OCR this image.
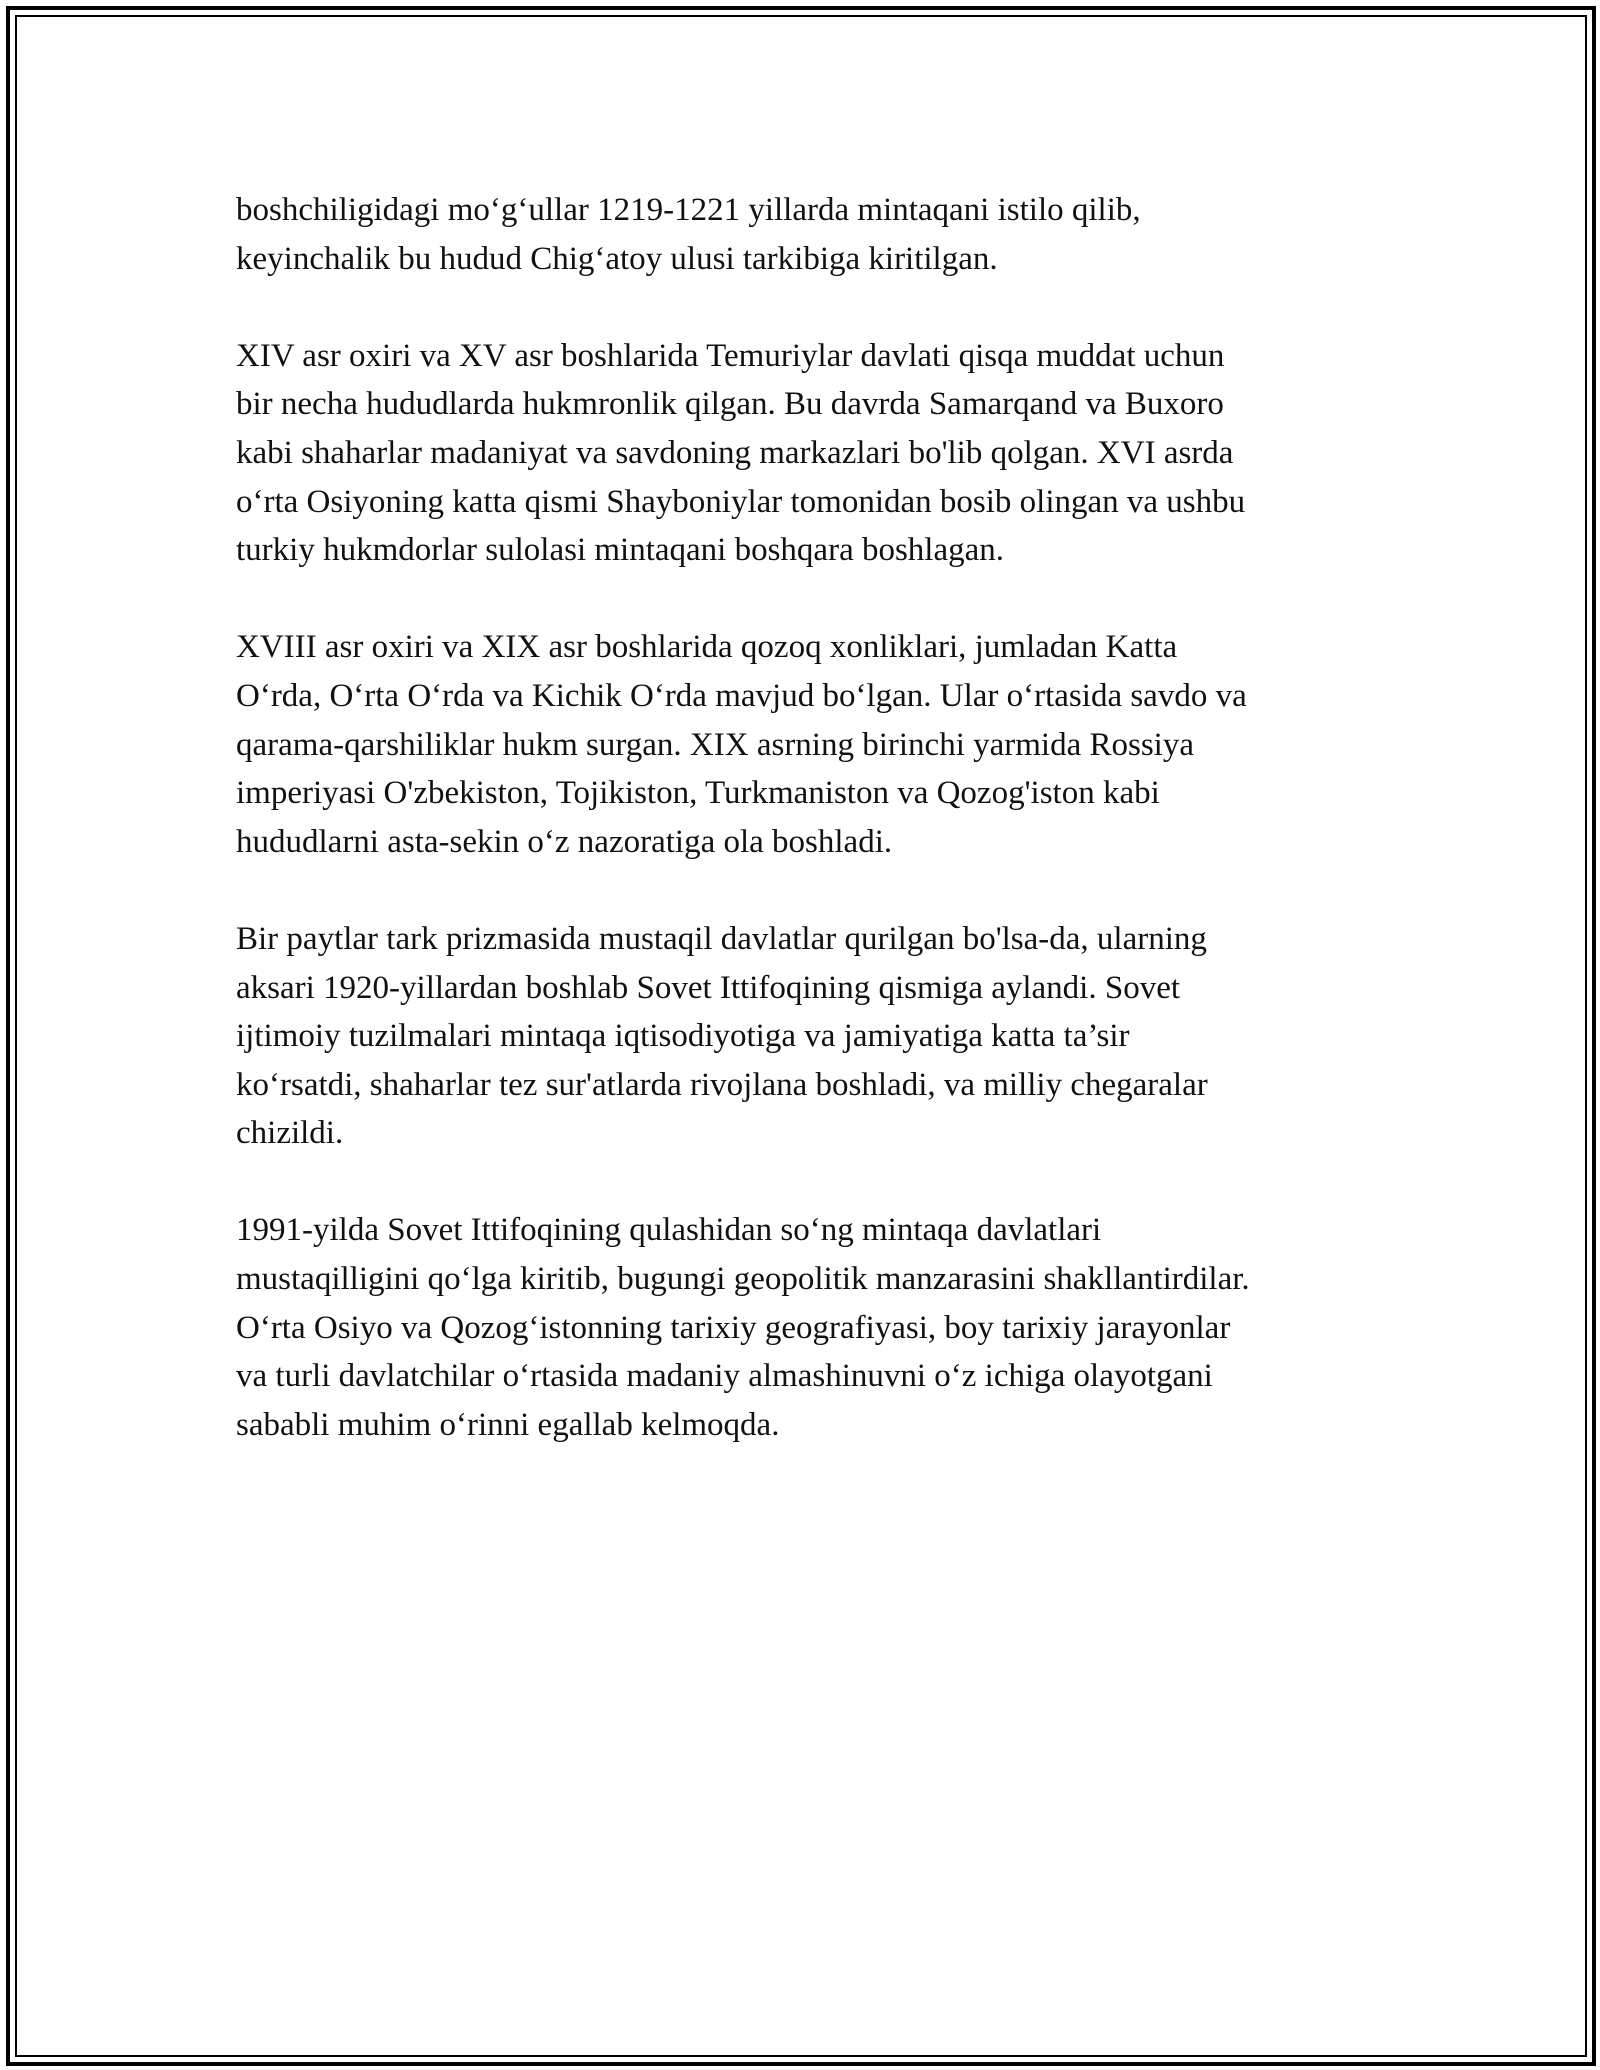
boshchiligidagi mo‘g‘ullar 1219-1221 yillarda mintaqani istilo qilib,
keyinchalik bu hudud Chig‘atoy ulusi tarkibiga kiritilgan.

XIV asr oxiri va XV asr boshlarida Temuriylar davlati qisqa muddat uchun
bir necha hududlarda hukmronlik qilgan. Bu davrda Samarqand va Buxoro
kabi shaharlar madaniyat va savdoning markazlari bo'lib qolgan. XVI asrda
o‘rta Osiyoning katta qismi Shayboniylar tomonidan bosib olingan va ushbu
turkiy hukmdorlar sulolasi mintaqani boshqara boshlagan.

XVIII asr oxiri va XIX asr boshlarida qozoq xonliklari, jumladan Katta
O‘rda, O‘rta O‘rda va Kichik O‘rda mavjud bo‘lgan. Ular o‘rtasida savdo va
qarama-qarshiliklar hukm surgan. XIX asrning birinchi yarmida Rossiya
imperiyasi O'zbekiston, Tojikiston, Turkmaniston va Qozog'iston kabi
hududlarni asta-sekin o‘z nazoratiga ola boshladi.

Bir paytlar tark prizmasida mustaqil davlatlar qurilgan bo'lsa-da, ularning
aksari 1920-yillardan boshlab Sovet Ittifoqining qismiga aylandi. Sovet
ijtimoiy tuzilmalari mintaqa iqtisodiyotiga va jamiyatiga katta ta’sir
ko‘rsatdi, shaharlar tez sur'atlarda rivojlana boshladi, va milliy chegaralar
chizildi.

1991-yilda Sovet Ittifoqining qulashidan so‘ng mintaqa davlatlari
mustaqilligini qo‘lga kiritib, bugungi geopolitik manzarasini shakllantirdilar.
O‘rta Osiyo va Qozog‘istonning tarixiy geografiyasi, boy tarixiy jarayonlar
va turli davlatchilar o‘rtasida madaniy almashinuvni o‘z ichiga olayotgani
sababli muhim o‘rinni egallab kelmoqda.
